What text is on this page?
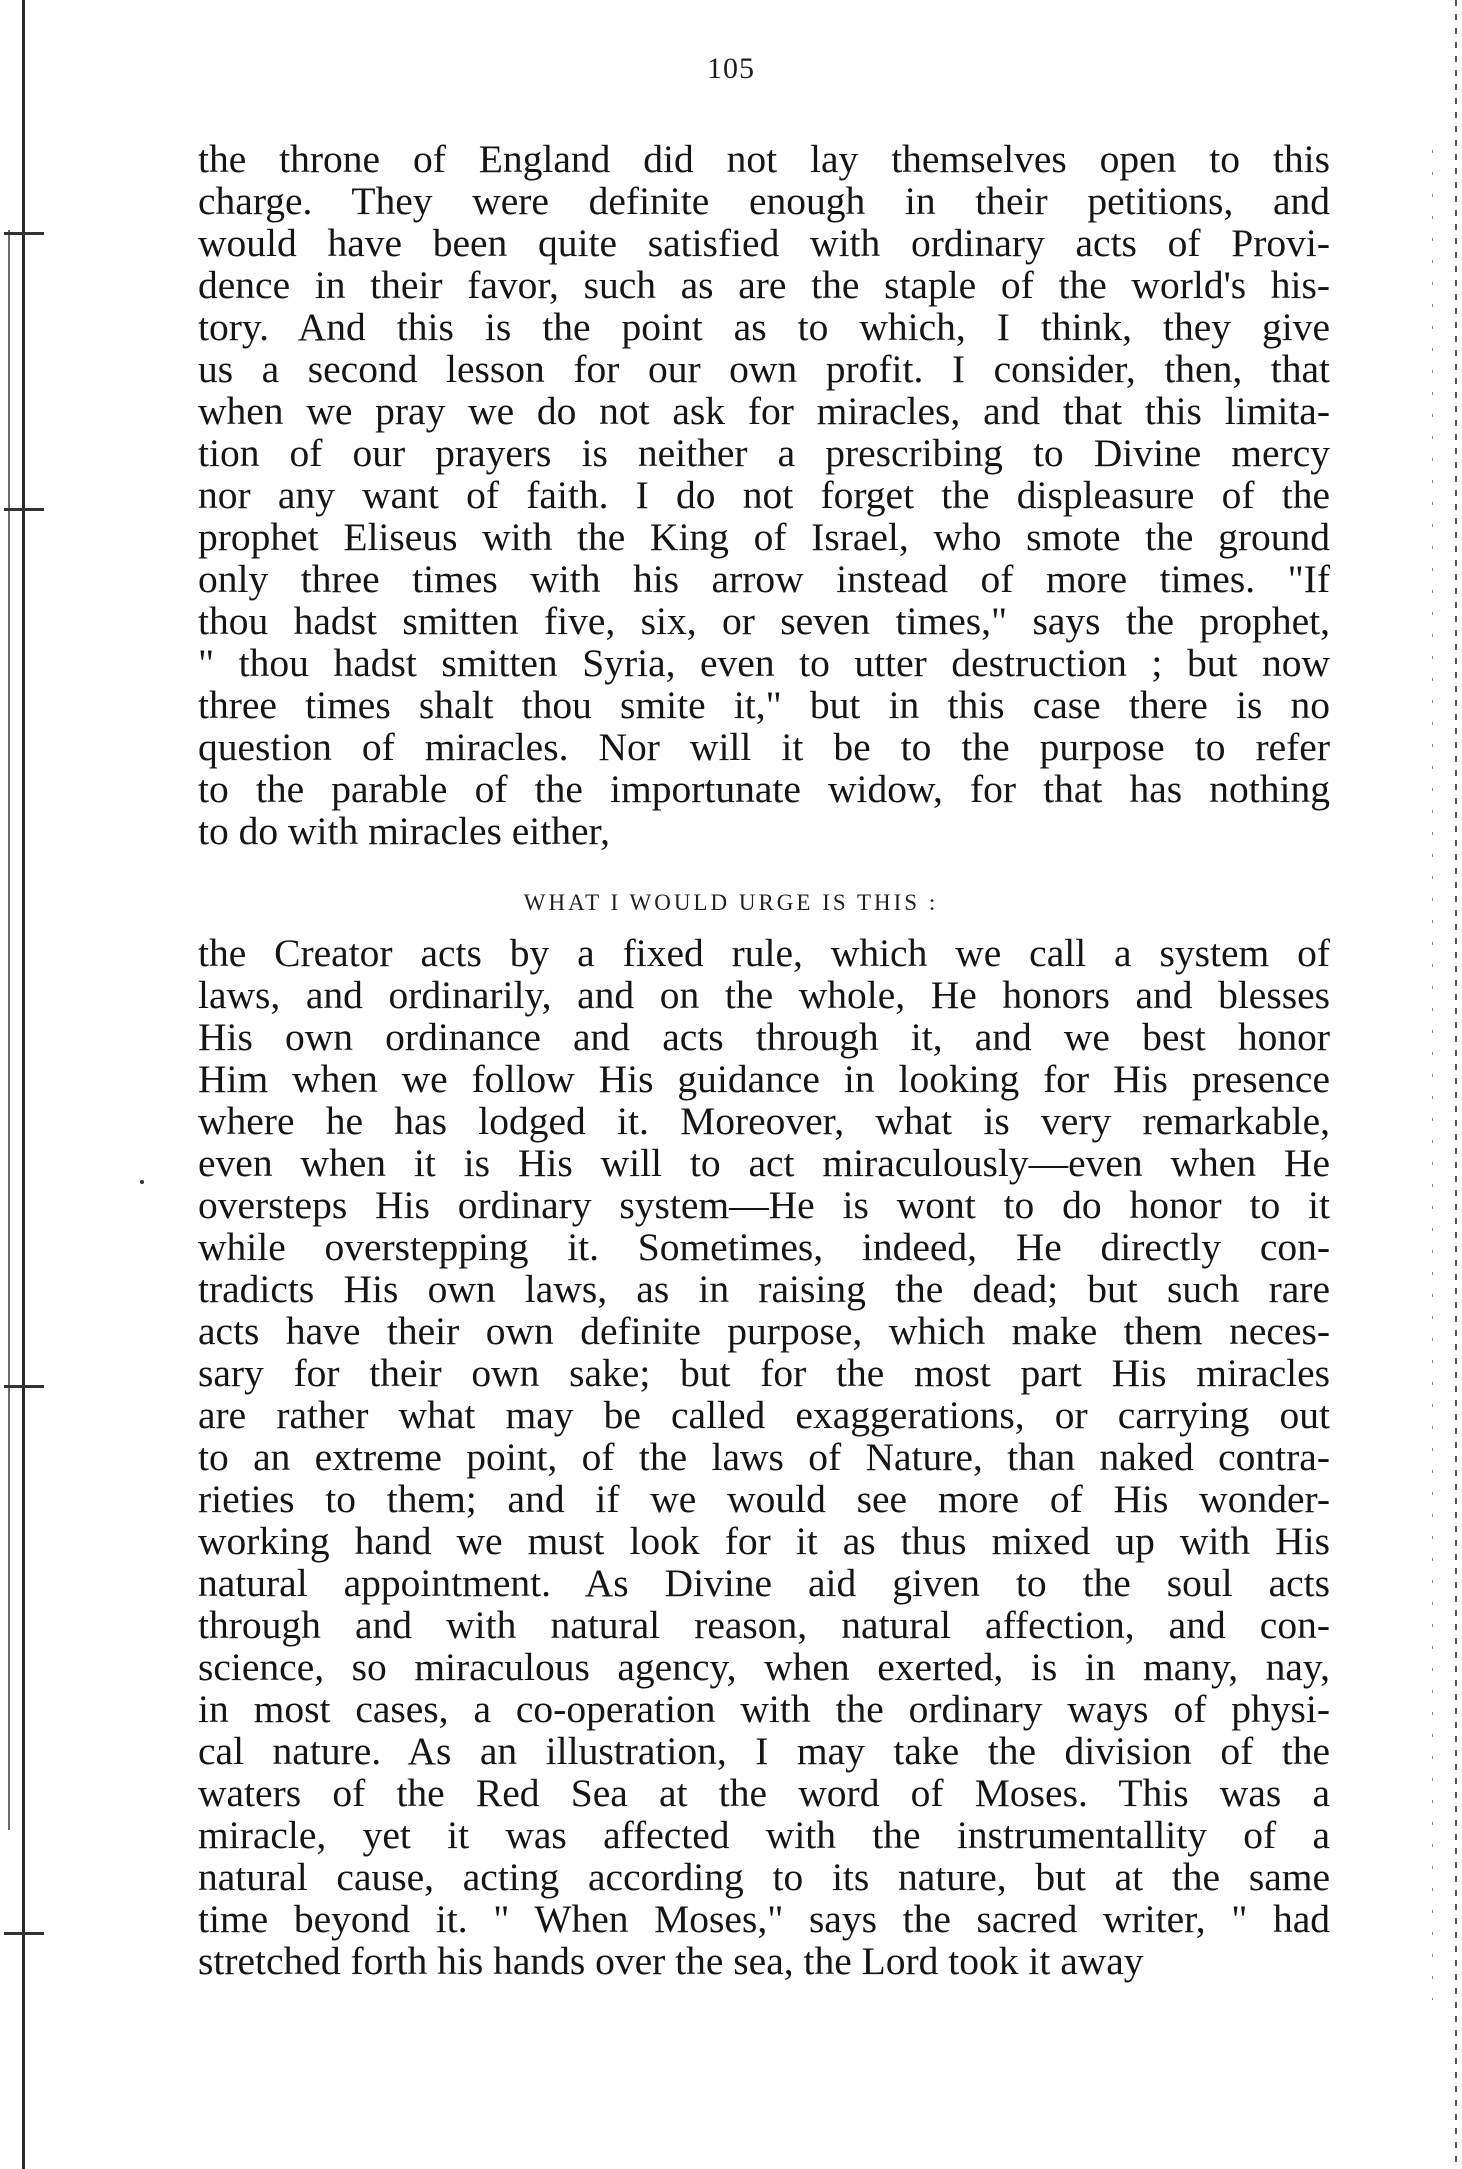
105
the throne of England did not lay themselves open to this
charge. They were definite enough in their petitions, and
would have been quite satisfied with ordinary acts of Provi-
dence in their favor, such as are the staple of the world's his-
tory. And this is the point as to which, I think, they give
us a second lesson for our own profit. I consider, then, that
when we pray we do not ask for miracles, and that this limita-
tion of our prayers is neither a prescribing to Divine mercy
nor any want of faith. I do not forget the displeasure of the
prophet Eliseus with the King of Israel, who smote the ground
only three times with his arrow instead of more times. "If
thou hadst smitten five, six, or seven times," says the prophet,
" thou hadst smitten Syria, even to utter destruction ; but now
three times shalt thou smite it," but in this case there is no
question of miracles. Nor will it be to the purpose to refer
to the parable of the importunate widow, for that has nothing
to do with miracles either,
WHAT I WOULD URGE IS THIS :
the Creator acts by a fixed rule, which we call a system of
laws, and ordinarily, and on the whole, He honors and blesses
His own ordinance and acts through it, and we best honor
Him when we follow His guidance in looking for His presence
where he has lodged it. Moreover, what is very remarkable,
even when it is His will to act miraculously—even when He
oversteps His ordinary system—He is wont to do honor to it
while overstepping it. Sometimes, indeed, He directly con-
tradicts His own laws, as in raising the dead; but such rare
acts have their own definite purpose, which make them neces-
sary for their own sake; but for the most part His miracles
are rather what may be called exaggerations, or carrying out
to an extreme point, of the laws of Nature, than naked contra-
rieties to them; and if we would see more of His wonder-
working hand we must look for it as thus mixed up with His
natural appointment. As Divine aid given to the soul acts
through and with natural reason, natural affection, and con-
science, so miraculous agency, when exerted, is in many, nay,
in most cases, a co-operation with the ordinary ways of physi-
cal nature. As an illustration, I may take the division of the
waters of the Red Sea at the word of Moses. This was a
miracle, yet it was affected with the instrumentallity of a
natural cause, acting according to its nature, but at the same
time beyond it. " When Moses," says the sacred writer, " had
stretched forth his hands over the sea, the Lord took it away
